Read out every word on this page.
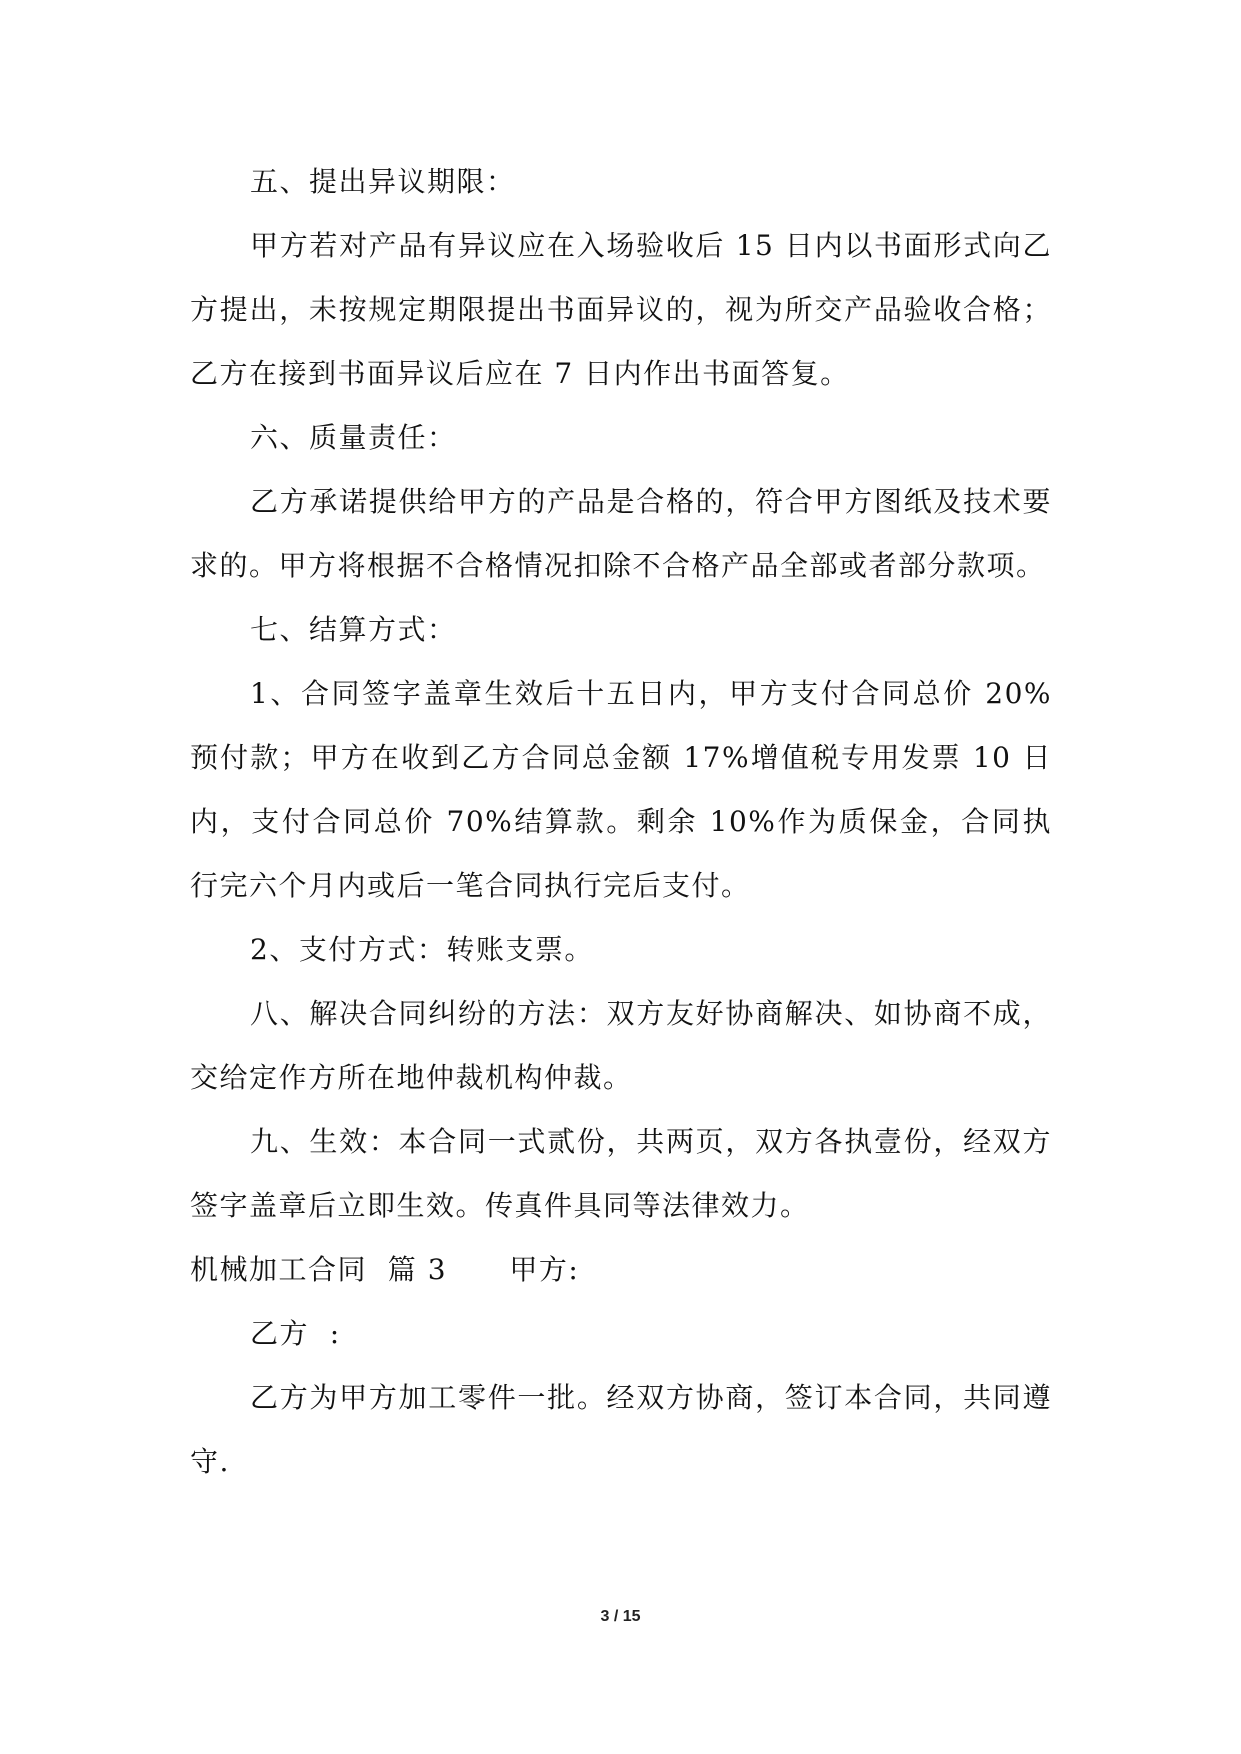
五、提出异议期限：

甲方若对产品有异议应在入场验收后 15 日内以书面形式向乙方提出，未按规定期限提出书面异议的，视为所交产品验收合格；乙方在接到书面异议后应在 7 日内作出书面答复。

六、质量责任：

乙方承诺提供给甲方的产品是合格的，符合甲方图纸及技术要求的。甲方将根据不合格情况扣除不合格产品全部或者部分款项。

七、结算方式：

1、合同签字盖章生效后十五日内，甲方支付合同总价 20%预付款；甲方在收到乙方合同总金额 17%增值税专用发票 10 日内，支付合同总价 70%结算款。剩余 10%作为质保金，合同执行完六个月内或后一笔合同执行完后支付。

2、支付方式：转账支票。

八、解决合同纠纷的方法：双方友好协商解决、如协商不成，交给定作方所在地仲裁机构仲裁。

九、生效：本合同一式贰份，共两页，双方各执壹份，经双方签字盖章后立即生效。传真件具同等法律效力。

机械加工合同  篇 3      甲方:

乙方  :

乙方为甲方加工零件一批。经双方协商，签订本合同，共同遵守.

3 / 15
